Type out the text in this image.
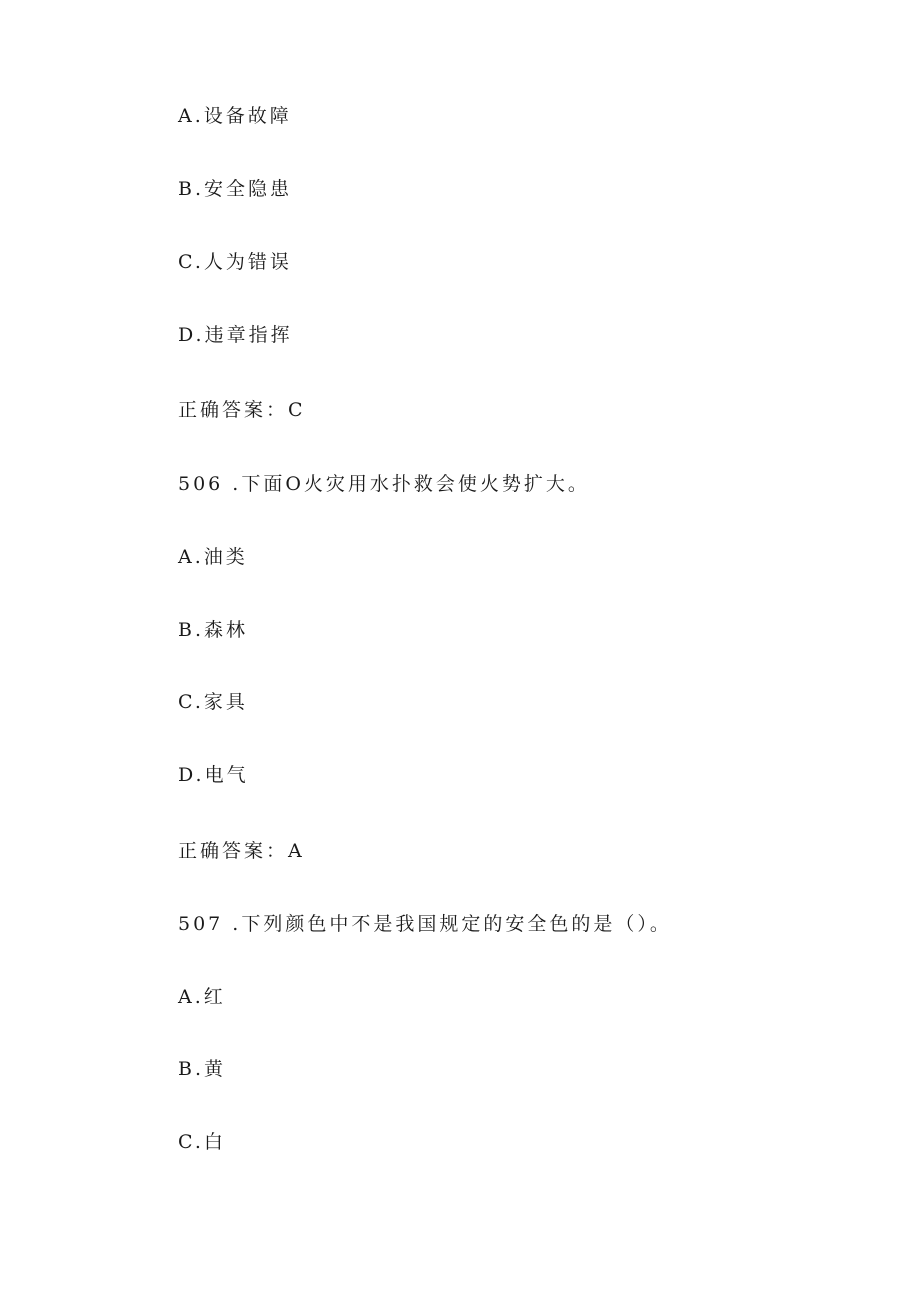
A.设备故障
B.安全隐患
C.人为错误
D.违章指挥
正确答案：C
506 .下面O火灾用水扑救会使火势扩大。
A.油类
B.森林
C.家具
D.电气
正确答案：A
507 .下列颜色中不是我国规定的安全色的是（）。
A.红
B.黄
C.白
